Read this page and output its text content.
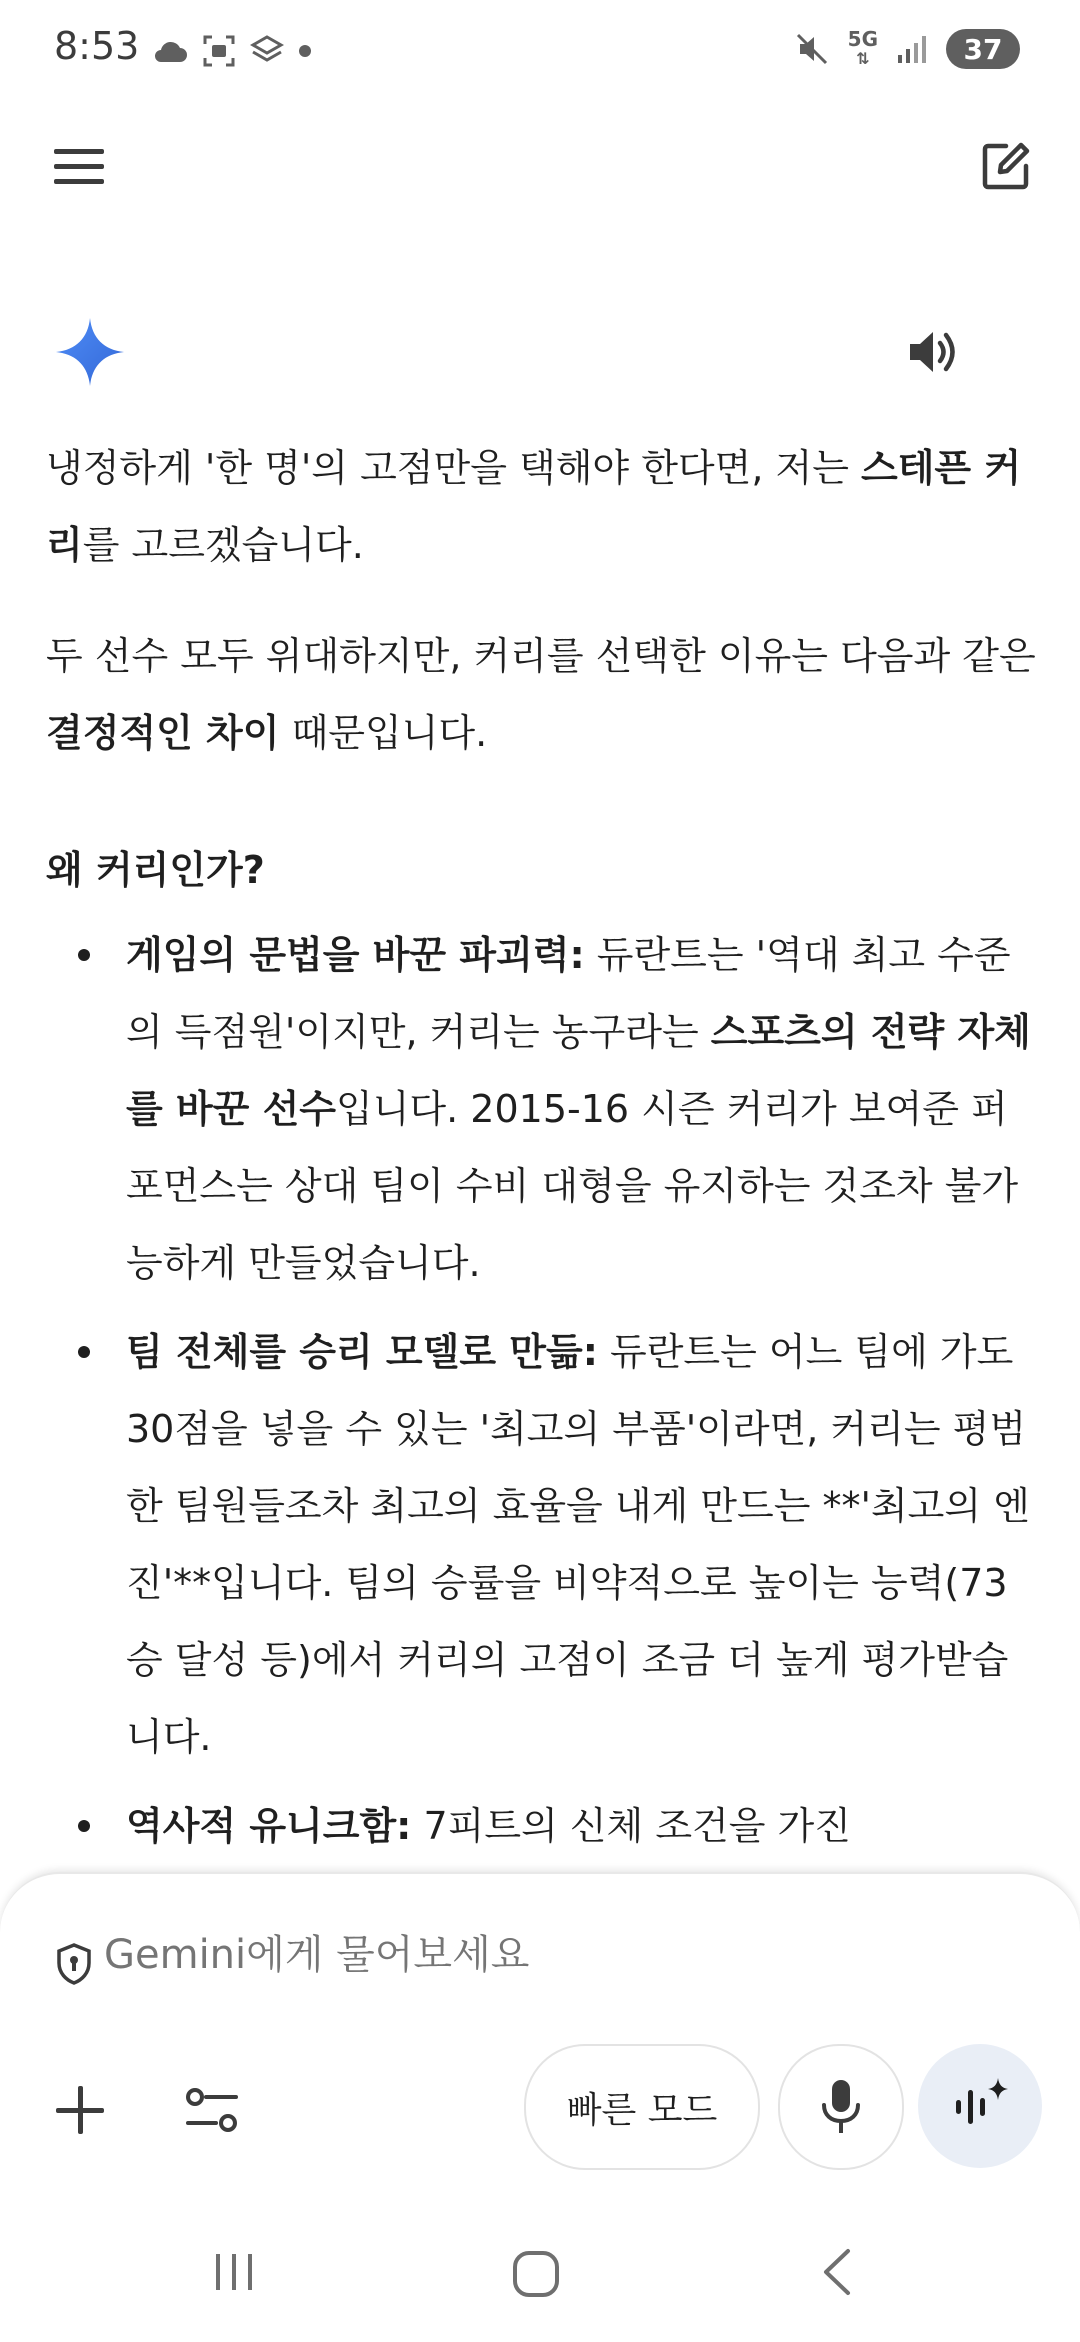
8:53	5G
⇅	37

냉정하게 '한 명'의 고점만을 택해야 한다면, 저는 스테픈 커리를 고르겠습니다.

두 선수 모두 위대하지만, 커리를 선택한 이유는 다음과 같은 결정적인 차이 때문입니다.

왜 커리인가?
게임의 문법을 바꾼 파괴력: 듀란트는 '역대 최고 수준의 득점원'이지만, 커리는 농구라는 스포츠의 전략 자체를 바꾼 선수입니다. 2015-16 시즌 커리가 보여준 퍼포먼스는 상대 팀이 수비 대형을 유지하는 것조차 불가능하게 만들었습니다.
팀 전체를 승리 모델로 만듦: 듀란트는 어느 팀에 가도 30점을 넣을 수 있는 '최고의 부품'이라면, 커리는 평범한 팀원들조차 최고의 효율을 내게 만드는 **'최고의 엔진'**입니다. 팀의 승률을 비약적으로 높이는 능력(73승 달성 등)에서 커리의 고점이 조금 더 높게 평가받습니다.
역사적 유니크함: 7피트의 신체 조건을 가진
Gemini에게 물어보세요
빠른 모드
